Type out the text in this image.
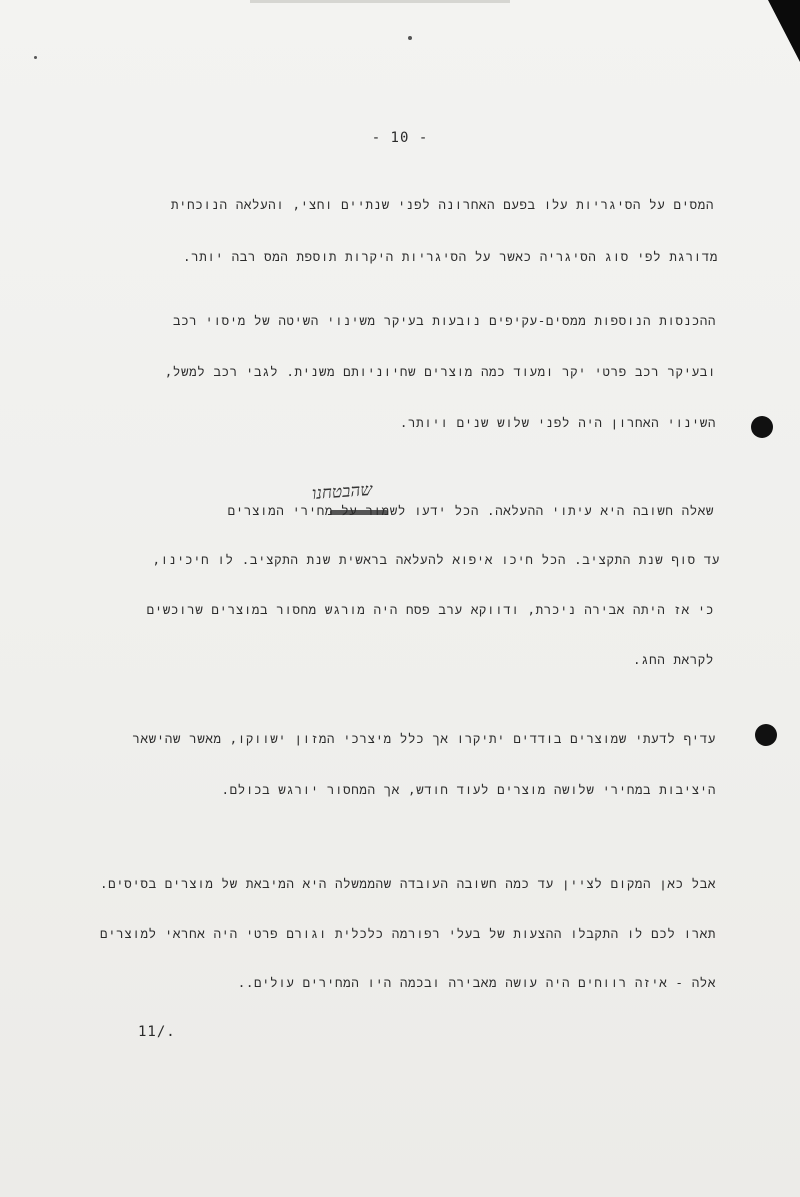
- 10 -
המסים על הסיגריות עלו בפעם האחרונה לפני שנתיים וחצי, והעלאה הנוכחית
מדורגת לפי סוג הסיגריה כאשר על הסיגריות היקרות תוספת המס רבה יותר.
ההכנסות הנוספות ממסים-עקיפים נובעות בעיקר משינוי השיטה של מיסוי רכב
ובעיקר רכב פרטי יקר ומעוד כמה מוצרים שחיוניותם משנית. לגבי רכב למשל,
השינוי האחרון היה לפני שלוש שנים ויותר.
שהבטחנו
שאלה חשובה היא עיתוי ההעלאה. הכל ידעו לשמור על מחירי המוצרים
עד סוף שנת התקציב. הכל חיכו איפוא להעלאה בראשית שנת התקציב. לו חיכינו,
כי אז היתה אבירה ניכרת, ודווקא ערב פסח היה מורגש מחסור במוצרים שרוכשים
לקראת החג.
עדיף לדעתי שמוצרים בודדים יתיקרו אך כלל מיצרכי המזון ישווקו, מאשר שהישאר
היציבות במחירי שלושה מוצרים לעוד חודש, אך המחסור יורגש בכולם.
אבל כאן המקום לציין עד כמה חשובה העובדה שהממשלה היא המיבאת של מוצרים בסיסים.
תארו לכם לו התקבלו ההצעות של בעלי רפורמה כלכלית וגורם פרטי היה אחראי למוצרים
אלה - איזה רווחים היה עושה מאבירה ובכמה היו המחירים עולים..
11/.
